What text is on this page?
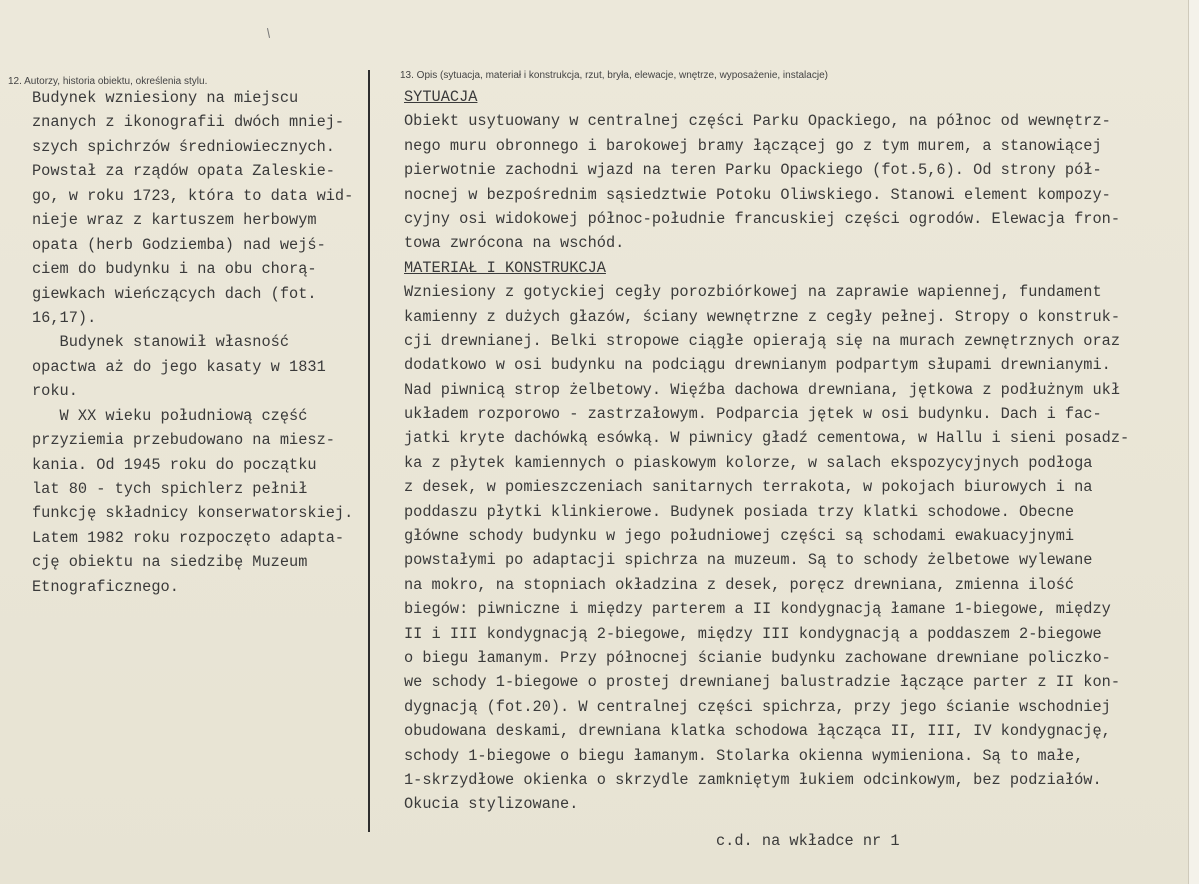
12. Autorzy, historia obiektu, określenia stylu.
13. Opis (sytuacja, materiał i konstrukcja, rzut, bryła, elewacje, wnętrze, wyposażenie, instalacje)
Budynek wzniesiony na miejscu
znanych z ikonografii dwóch mniej-
szych spichrzów średniowiecznych.
Powstał za rządów opata Zaleskie-
go, w roku 1723, która to data wid-
nieje wraz z kartuszem herbowym
opata (herb Godziemba) nad wejś-
ciem do budynku i na obu chorą-
giewkach wieńczących dach (fot.
16,17).
Budynek stanowił własność
opactwa aż do jego kasaty w 1831
roku.
W XX wieku południową część
przyziemia przebudowano na miesz-
kania. Od 1945 roku do początku
lat 80 - tych spichlerz pełnił
funkcję składnicy konserwatorskiej.
Latem 1982 roku rozpoczęto adapta-
cję obiektu na siedzibę Muzeum
Etnograficznego.
SYTUACJA
Obiekt usytuowany w centralnej części Parku Opackiego, na północ od wewnętrz-
nego muru obronnego i barokowej bramy łączącej go z tym murem, a stanowiącej
pierwotnie zachodni wjazd na teren Parku Opackiego (fot.5,6). Od strony pół-
nocnej w bezpośrednim sąsiedztwie Potoku Oliwskiego. Stanowi element kompozy-
cyjny osi widokowej północ-południe francuskiej części ogrodów. Elewacja fron-
towa zwrócona na wschód.
MATERIAŁ I KONSTRUKCJA
Wzniesiony z gotyckiej cegły porozbiórkowej na zaprawie wapiennej, fundament
kamienny z dużych głazów, ściany wewnętrzne z cegły pełnej. Stropy o konstruk-
cji drewnianej. Belki stropowe ciągłe opierają się na murach zewnętrznych oraz
dodatkowo w osi budynku na podciągu drewnianym podpartym słupami drewnianymi.
Nad piwnicą strop żelbetowy. Więźba dachowa drewniana, jętkowa z podłużnym ukł
układem rozporowo - zastrzałowym. Podparcia jętek w osi budynku. Dach i fac-
jatki kryte dachówką esówką. W piwnicy gładź cementowa, w Hallu i sieni posadz-
ka z płytek kamiennych o piaskowym kolorze, w salach ekspozycyjnych podłoga
z desek, w pomieszczeniach sanitarnych terrakota, w pokojach biurowych i na
poddaszu płytki klinkierowe. Budynek posiada trzy klatki schodowe. Obecne
główne schody budynku w jego południowej części są schodami ewakuacyjnymi
powstałymi po adaptacji spichrza na muzeum. Są to schody żelbetowe wylewane
na mokro, na stopniach okładzina z desek, poręcz drewniana, zmienna ilość
biegów: piwniczne i między parterem a II kondygnacją łamane 1-biegowe, między
II i III kondygnacją 2-biegowe, między III kondygnacją a poddaszem 2-biegowe
o biegu łamanym. Przy północnej ścianie budynku zachowane drewniane policzko-
we schody 1-biegowe o prostej drewnianej balustradzie łączące parter z II kon-
dygnacją (fot.20). W centralnej części spichrza, przy jego ścianie wschodniej
obudowana deskami, drewniana klatka schodowa łącząca II, III, IV kondygnację,
schody 1-biegowe o biegu łamanym. Stolarka okienna wymieniona. Są to małe,
1-skrzydłowe okienka o skrzydle zamkniętym łukiem odcinkowym, bez podziałów.
Okucia stylizowane.
c.d. na wkładce nr 1
